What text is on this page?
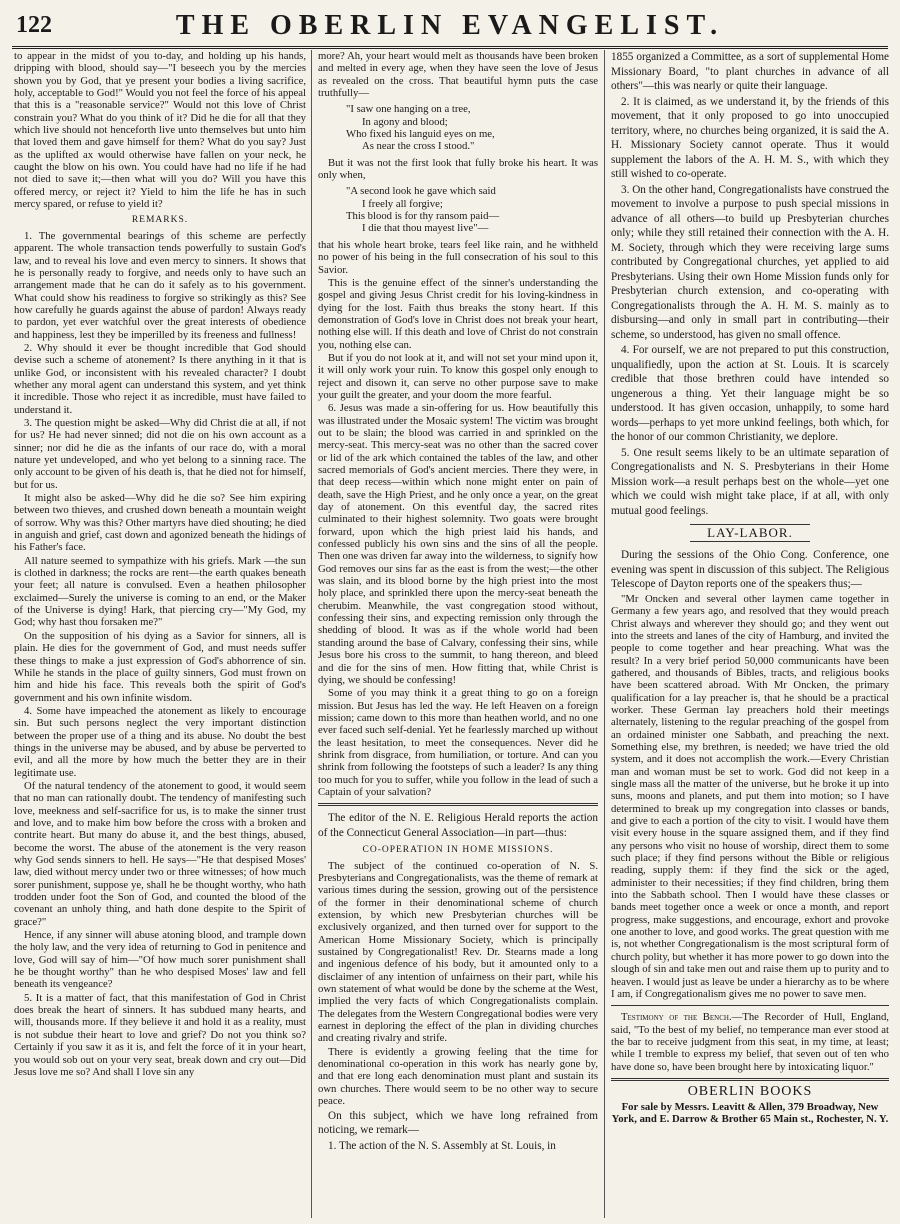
122	THE OBERLIN EVANGELIST.

to appear in the midst of you to-day, and holding up his hands, dripping with blood, should say—"I beseech you by the mercies shown you by God, that ye present your bodies a living sacrifice, holy, acceptable to God!" Would you not feel the force of his appeal that this is a "reasonable service?" Would not this love of Christ constrain you? What do you think of it? Did he die for all that they which live should not henceforth live unto themselves but unto him that loved them and gave himself for them? What do you say? Just as the uplifted ax would otherwise have fallen on your neck, he caught the blow on his own. You could have had no life if he had not died to save it;—then what will you do? Will you have this offered mercy, or reject it? Yield to him the life he has in such mercy spared, or refuse to yield it?

REMARKS.

1. The governmental bearings of this scheme are perfectly apparent. The whole transaction tends powerfully to sustain God's law, and to reveal his love and even mercy to sinners. It shows that he is personally ready to forgive, and needs only to have such an arrangement made that he can do it safely as to his government. What could show his readiness to forgive so strikingly as this? See how carefully he guards against the abuse of pardon! Always ready to pardon, yet ever watchful over the great interests of obedience and happiness, lest they be imperilled by its freeness and fullness!

2. Why should it ever be thought incredible that God should devise such a scheme of atonement? Is there anything in it that is unlike God, or inconsistent with his revealed character? I doubt whether any moral agent can understand this system, and yet think it incredible. Those who reject it as incredible, must have failed to understand it.

3. The question might be asked—Why did Christ die at all, if not for us? He had never sinned; did not die on his own account as a sinner; nor did he die as the infants of our race do, with a moral nature yet undeveloped, and who yet belong to a sinning race. The only account to be given of his death is, that he died not for himself, but for us.

It might also be asked—Why did he die so? See him expiring between two thieves, and crushed down beneath a mountain weight of sorrow. Why was this? Other martyrs have died shouting; he died in anguish and grief, cast down and agonized beneath the hidings of his Father's face.

All nature seemed to sympathize with his griefs. Mark —the sun is clothed in darkness; the rocks are rent—the earth quakes beneath your feet; all nature is convulsed. Even a heathen philosopher exclaimed—Surely the universe is coming to an end, or the Maker of the Universe is dying! Hark, that piercing cry—"My God, my God; why hast thou forsaken me?"

On the supposition of his dying as a Savior for sinners, all is plain. He dies for the government of God, and must needs suffer these things to make a just expression of God's abhorrence of sin. While he stands in the place of guilty sinners, God must frown on him and hide his face. This reveals both the spirit of God's government and his own infinite wisdom.

4. Some have impeached the atonement as likely to encourage sin. But such persons neglect the very important distinction between the proper use of a thing and its abuse. No doubt the best things in the universe may be abused, and by abuse be perverted to evil, and all the more by how much the better they are in their legitimate use.

Of the natural tendency of the atonement to good, it would seem that no man can rationally doubt. The tendency of manifesting such love, meekness and self-sacrifice for us, is to make the sinner trust and love, and to make him bow before the cross with a broken and contrite heart. But many do abuse it, and the best things, abused, become the worst. The abuse of the atonement is the very reason why God sends sinners to hell. He says—"He that despised Moses' law, died without mercy under two or three witnesses; of how much sorer punishment, suppose ye, shall he be thought worthy, who hath trodden under foot the Son of God, and counted the blood of the covenant an unholy thing, and hath done despite to the Spirit of grace?"

Hence, if any sinner will abuse atoning blood, and trample down the holy law, and the very idea of returning to God in penitence and love, God will say of him—"Of how much sorer punishment shall he be thought worthy" than he who despised Moses' law and fell beneath its vengeance?

5. It is a matter of fact, that this manifestation of God in Christ does break the heart of sinners. It has subdued many hearts, and will, thousands more. If they believe it and hold it as a reality, must is not subdue their heart to love and grief? Do not you think so? Certainly if you saw it as it is, and felt the force of it in your heart, you would sob out on your very seat, break down and cry out—Did Jesus love me so? And shall I love sin any

more? Ah, your heart would melt as thousands have been broken and melted in every age, when they have seen the love of Jesus as revealed on the cross. That beautiful hymn puts the case truthfully—

"I saw one hanging on a tree,
In agony and blood;
Who fixed his languid eyes on me,
As near the cross I stood."

But it was not the first look that fully broke his heart. It was only when,

"A second look he gave which said
I freely all forgive;
This blood is for thy ransom paid—
I die that thou mayest live"—

that his whole heart broke, tears feel like rain, and he withheld no power of his being in the full consecration of his soul to this Savior.

This is the genuine effect of the sinner's understanding the gospel and giving Jesus Christ credit for his loving-kindness in dying for the lost. Faith thus breaks the stony heart. If this demonstration of God's love in Christ does not break your heart, nothing else will. If this death and love of Christ do not constrain you, nothing else can.

But if you do not look at it, and will not set your mind upon it, it will only work your ruin. To know this gospel only enough to reject and disown it, can serve no other purpose save to make your guilt the greater, and your doom the more fearful.

6. Jesus was made a sin-offering for us. How beautifully this was illustrated under the Mosaic system! The victim was brought out to be slain; the blood was carried in and sprinkled on the mercy-seat. This mercy-seat was no other than the sacred cover or lid of the ark which contained the tables of the law, and other sacred memorials of God's ancient mercies. There they were, in that deep recess—within which none might enter on pain of death, save the High Priest, and he only once a year, on the great day of atonement. On this eventful day, the sacred rites culminated to their highest solemnity. Two goats were brought forward, upon which the high priest laid his hands, and confessed publicly his own sins and the sins of all the people. Then one was driven far away into the wilderness, to signify how God removes our sins far as the east is from the west;—the other was slain, and its blood borne by the high priest into the most holy place, and sprinkled there upon the mercy-seat beneath the cherubim. Meanwhile, the vast congregation stood without, confessing their sins, and expecting remission only through the shedding of blood. It was as if the whole world had been standing around the base of Calvary, confessing their sins, while Jesus bore his cross to the summit, to hang thereon, and bleed and die for the sins of men. How fitting that, while Christ is dying, we should be confessing!

Some of you may think it a great thing to go on a foreign mission. But Jesus has led the way. He left Heaven on a foreign mission; came down to this more than heathen world, and no one ever faced such self-denial. Yet he fearlessly marched up without the least hesitation, to meet the consequences. Never did he shrink from disgrace, from humiliation, or torture. And can you shrink from following the footsteps of such a leader? Is any thing too much for you to suffer, while you follow in the lead of such a Captain of your salvation?

The editor of the N. E. Religious Herald reports the action of the Connecticut General Association—in part—thus:

CO-OPERATION IN HOME MISSIONS.

The subject of the continued co-operation of N. S. Presbyterians and Congregationalists, was the theme of remark at various times during the session, growing out of the persistence of the former in their denominational scheme of church extension, by which new Presbyterian churches will be exclusively organized, and then turned over for support to the American Home Missionary Society, which is principally sustained by Congregationalist! Rev. Dr. Stearns made a long and ingenious defence of his body, but it amounted only to a disclaimer of any intention of unfairness on their part, while his own statement of what would be done by the scheme at the West, implied the very facts of which Congregationalists complain. The delegates from the Western Congregational bodies were very earnest in deploring the effect of the plan in dividing churches and creating rivalry and strife.

There is evidently a growing feeling that the time for denominational co-operation in this work has nearly gone by, and that ere long each denomination must plant and sustain its own churches. There would seem to be no other way to secure peace.

On this subject, which we have long refrained from noticing, we remark—

1. The action of the N. S. Assembly at St. Louis, in

1855 organized a Committee, as a sort of supplemental Home Missionary Board, "to plant churches in advance of all others"—this was nearly or quite their language.

2. It is claimed, as we understand it, by the friends of this movement, that it only proposed to go into unoccupied territory, where, no churches being organized, it is said the A. H. Missionary Society cannot operate. Thus it would supplement the labors of the A. H. M. S., with which they still wished to co-operate.

3. On the other hand, Congregationalists have construed the movement to involve a purpose to push special missions in advance of all others—to build up Presbyterian churches only; while they still retained their connection with the A. H. M. Society, through which they were receiving large sums contributed by Congregational churches, yet applied to aid Presbyterians. Using their own Home Mission funds only for Presbyterian church extension, and co-operating with Congregationalists through the A. H. M. S. mainly as to disbursing—and only in small part in contributing—their scheme, so understood, has given no small offence.

4. For ourself, we are not prepared to put this construction, unqualifiedly, upon the action at St. Louis. It is scarcely credible that those brethren could have intended so ungenerous a thing. Yet their language might be so understood. It has given occasion, unhappily, to some hard words—perhaps to yet more unkind feelings, both which, for the honor of our common Christianity, we deplore.

5. One result seems likely to be an ultimate separation of Congregationalists and N. S. Presbyterians in their Home Mission work—a result perhaps best on the whole—yet one which we could wish might take place, if at all, with only mutual good feelings.

LAY-LABOR.

During the sessions of the Ohio Cong. Conference, one evening was spent in discussion of this subject. The Religious Telescope of Dayton reports one of the speakers thus;—

"Mr Oncken and several other laymen came together in Germany a few years ago, and resolved that they would preach Christ always and wherever they should go; and they went out into the streets and lanes of the city of Hamburg, and invited the people to come together and hear preaching. What was the result? In a very brief period 50,000 communicants have been gathered, and thousands of Bibles, tracts, and religious books have been scattered abroad. With Mr Oncken, the primary qualification for a lay preacher is, that he should be a practical worker. These German lay preachers hold their meetings alternately, listening to the regular preaching of the gospel from an ordained minister one Sabbath, and preaching the next. Something else, my brethren, is needed; we have tried the old system, and it does not accomplish the work.—Every Christian man and woman must be set to work. God did not keep in a single mass all the matter of the universe, but he broke it up into suns, moons and planets, and put them into motion; so I have determined to break up my congregation into classes or bands, and give to each a portion of the city to visit. I would have them visit every house in the square assigned them, and if they find any persons who visit no house of worship, direct them to some such place; if they find persons without the Bible or religious reading, supply them: if they find the sick or the aged, administer to their necessities; if they find children, bring them into the Sabbath school. Then I would have these classes or bands meet together once a week or once a month, and report progress, make suggestions, and encourage, exhort and provoke one another to love, and good works. The great question with me is, not whether Congregationalism is the most scriptural form of church polity, but whether it has more power to go down into the slough of sin and take men out and raise them up to purity and to heaven. I would just as leave be under a hierarchy as to be where I am, if Congregationalism gives me no power to save men.

Testimony of the Bench.—The Recorder of Hull, England, said, "To the best of my belief, no temperance man ever stood at the bar to receive judgment from this seat, in my time, at least; while I tremble to express my belief, that seven out of ten who have done so, have been brought here by intoxicating liquor."

OBERLIN BOOKS
For sale by Messrs. Leavitt & Allen, 379 Broadway, New York, and E. Darrow & Brother 65 Main st., Rochester, N. Y.
